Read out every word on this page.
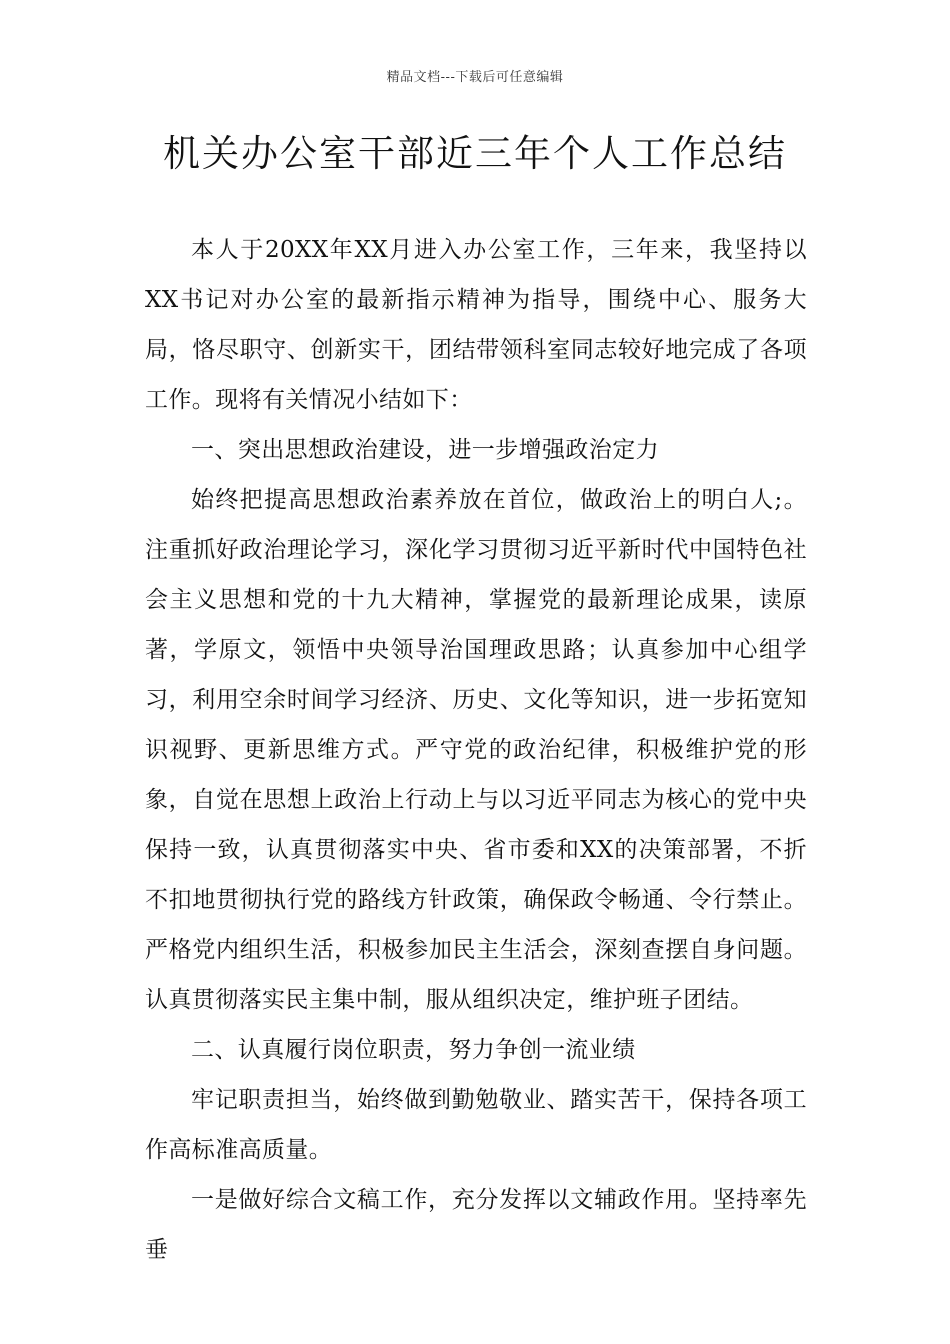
精品文档---下载后可任意编辑
机关办公室干部近三年个人工作总结

本人于20XX年XX月进入办公室工作，三年来，我坚持以XX书记对办公室的最新指示精神为指导，围绕中心、服务大局，恪尽职守、创新实干，团结带领科室同志较好地完成了各项工作。现将有关情况小结如下：

一、突出思想政治建设，进一步增强政治定力

始终把提高思想政治素养放在首位，做政治上的明白人;。注重抓好政治理论学习，深化学习贯彻习近平新时代中国特色社会主义思想和党的十九大精神，掌握党的最新理论成果，读原著，学原文，领悟中央领导治国理政思路；认真参加中心组学习，利用空余时间学习经济、历史、文化等知识，进一步拓宽知识视野、更新思维方式。严守党的政治纪律，积极维护党的形象，自觉在思想上政治上行动上与以习近平同志为核心的党中央保持一致，认真贯彻落实中央、省市委和XX的决策部署，不折不扣地贯彻执行党的路线方针政策，确保政令畅通、令行禁止。严格党内组织生活，积极参加民主生活会，深刻查摆自身问题。认真贯彻落实民主集中制，服从组织决定，维护班子团结。

二、认真履行岗位职责，努力争创一流业绩

牢记职责担当，始终做到勤勉敬业、踏实苦干，保持各项工作高标准高质量。

一是做好综合文稿工作，充分发挥以文辅政作用。坚持率先垂
